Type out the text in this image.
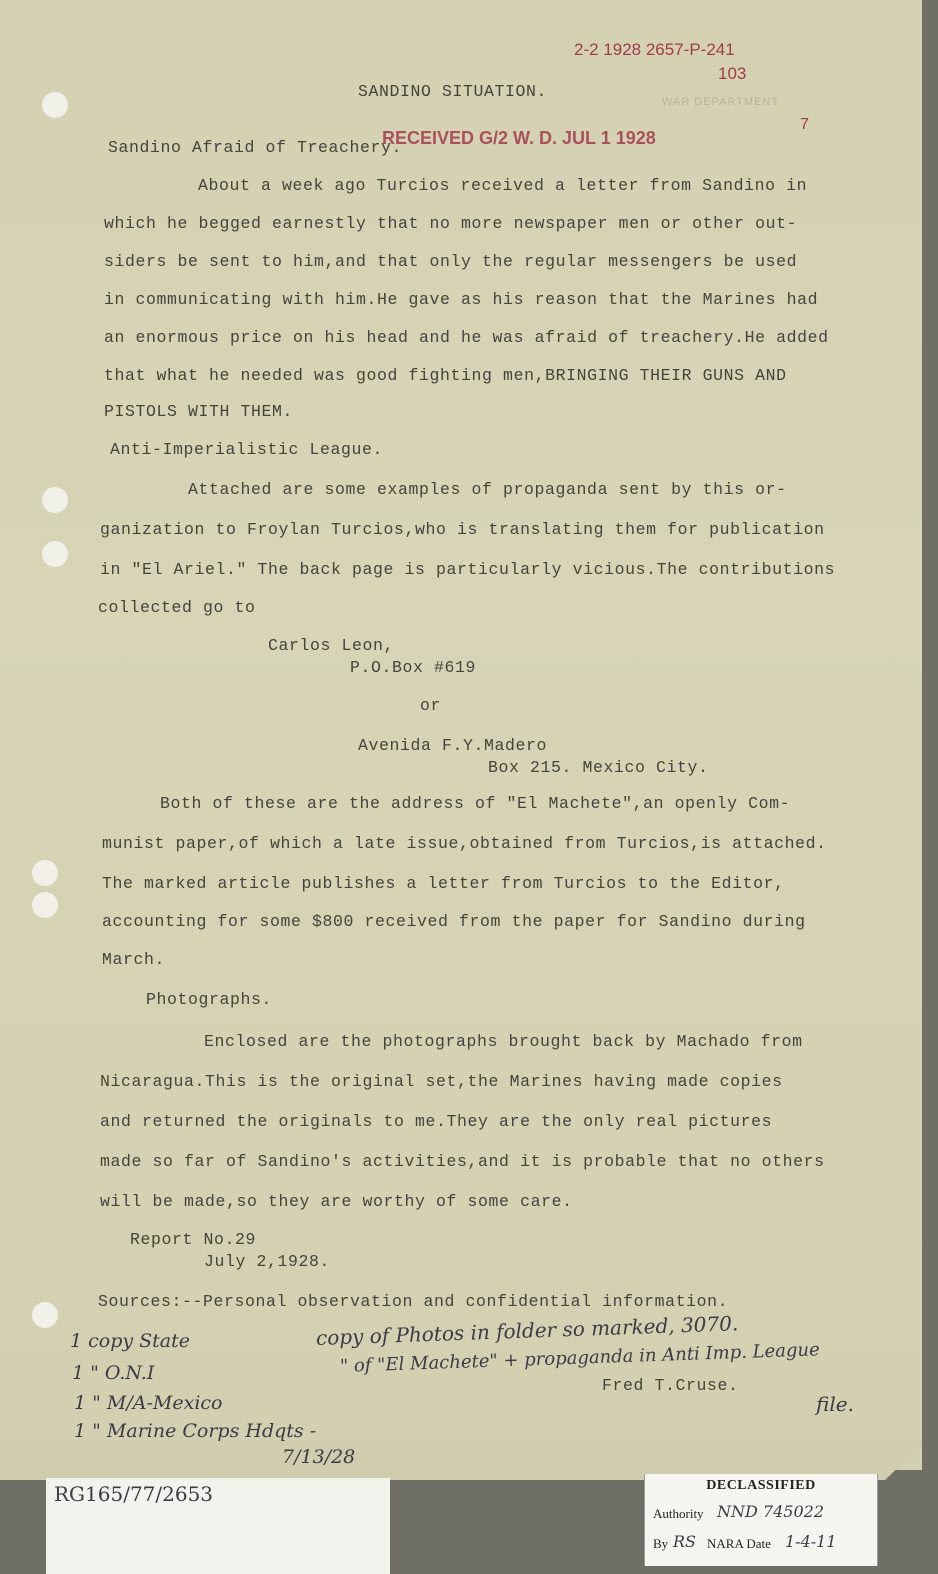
2-2 1928 2657-P-241
103
WAR DEPARTMENT
7
RECEIVED G/2 W. D. JUL 1 1928
SANDINO SITUATION.
Sandino Afraid of Treachery.
About a week ago Turcios received a letter from Sandino in
which he begged earnestly that no more newspaper men or other out-
siders be sent to him,and that only the regular messengers be used
in communicating with him.He gave as his reason that the Marines had
an enormous price on his head and he was afraid of treachery.He added
that what he needed was good fighting men,BRINGING THEIR GUNS AND
PISTOLS WITH THEM.
Anti-Imperialistic League.
Attached are some examples of propaganda sent by this or-
ganization to Froylan Turcios,who is translating them for publication
in "El Ariel." The back page is particularly vicious.The contributions
collected go to
Carlos Leon,
P.O.Box #619
or
Avenida F.Y.Madero
Box 215. Mexico City.
Both of these are the address of "El Machete",an openly Com-
munist paper,of which a late issue,obtained from Turcios,is attached.
The marked article publishes a letter from Turcios to the Editor,
accounting for some $800 received from the paper for Sandino during
March.
Photographs.
Enclosed are the photographs brought back by Machado from
Nicaragua.This is the original set,the Marines having made copies
and returned the originals to me.They are the only real pictures
made so far of Sandino's activities,and it is probable that no others
will be made,so they are worthy of some care.
Report No.29
July 2,1928.
Sources:--Personal observation and confidential information.
Fred T.Cruse.
1 copy State
1 " O.N.I
1 " M/A-Mexico
1 " Marine Corps Hdqts -
7/13/28
copy of Photos in folder so marked, 3070.
" of "El Machete" + propaganda in Anti Imp. League
file.
RG165/77/2653	DECLASSIFIED
Authority NND 745022
By RS NARA Date 1-4-11
